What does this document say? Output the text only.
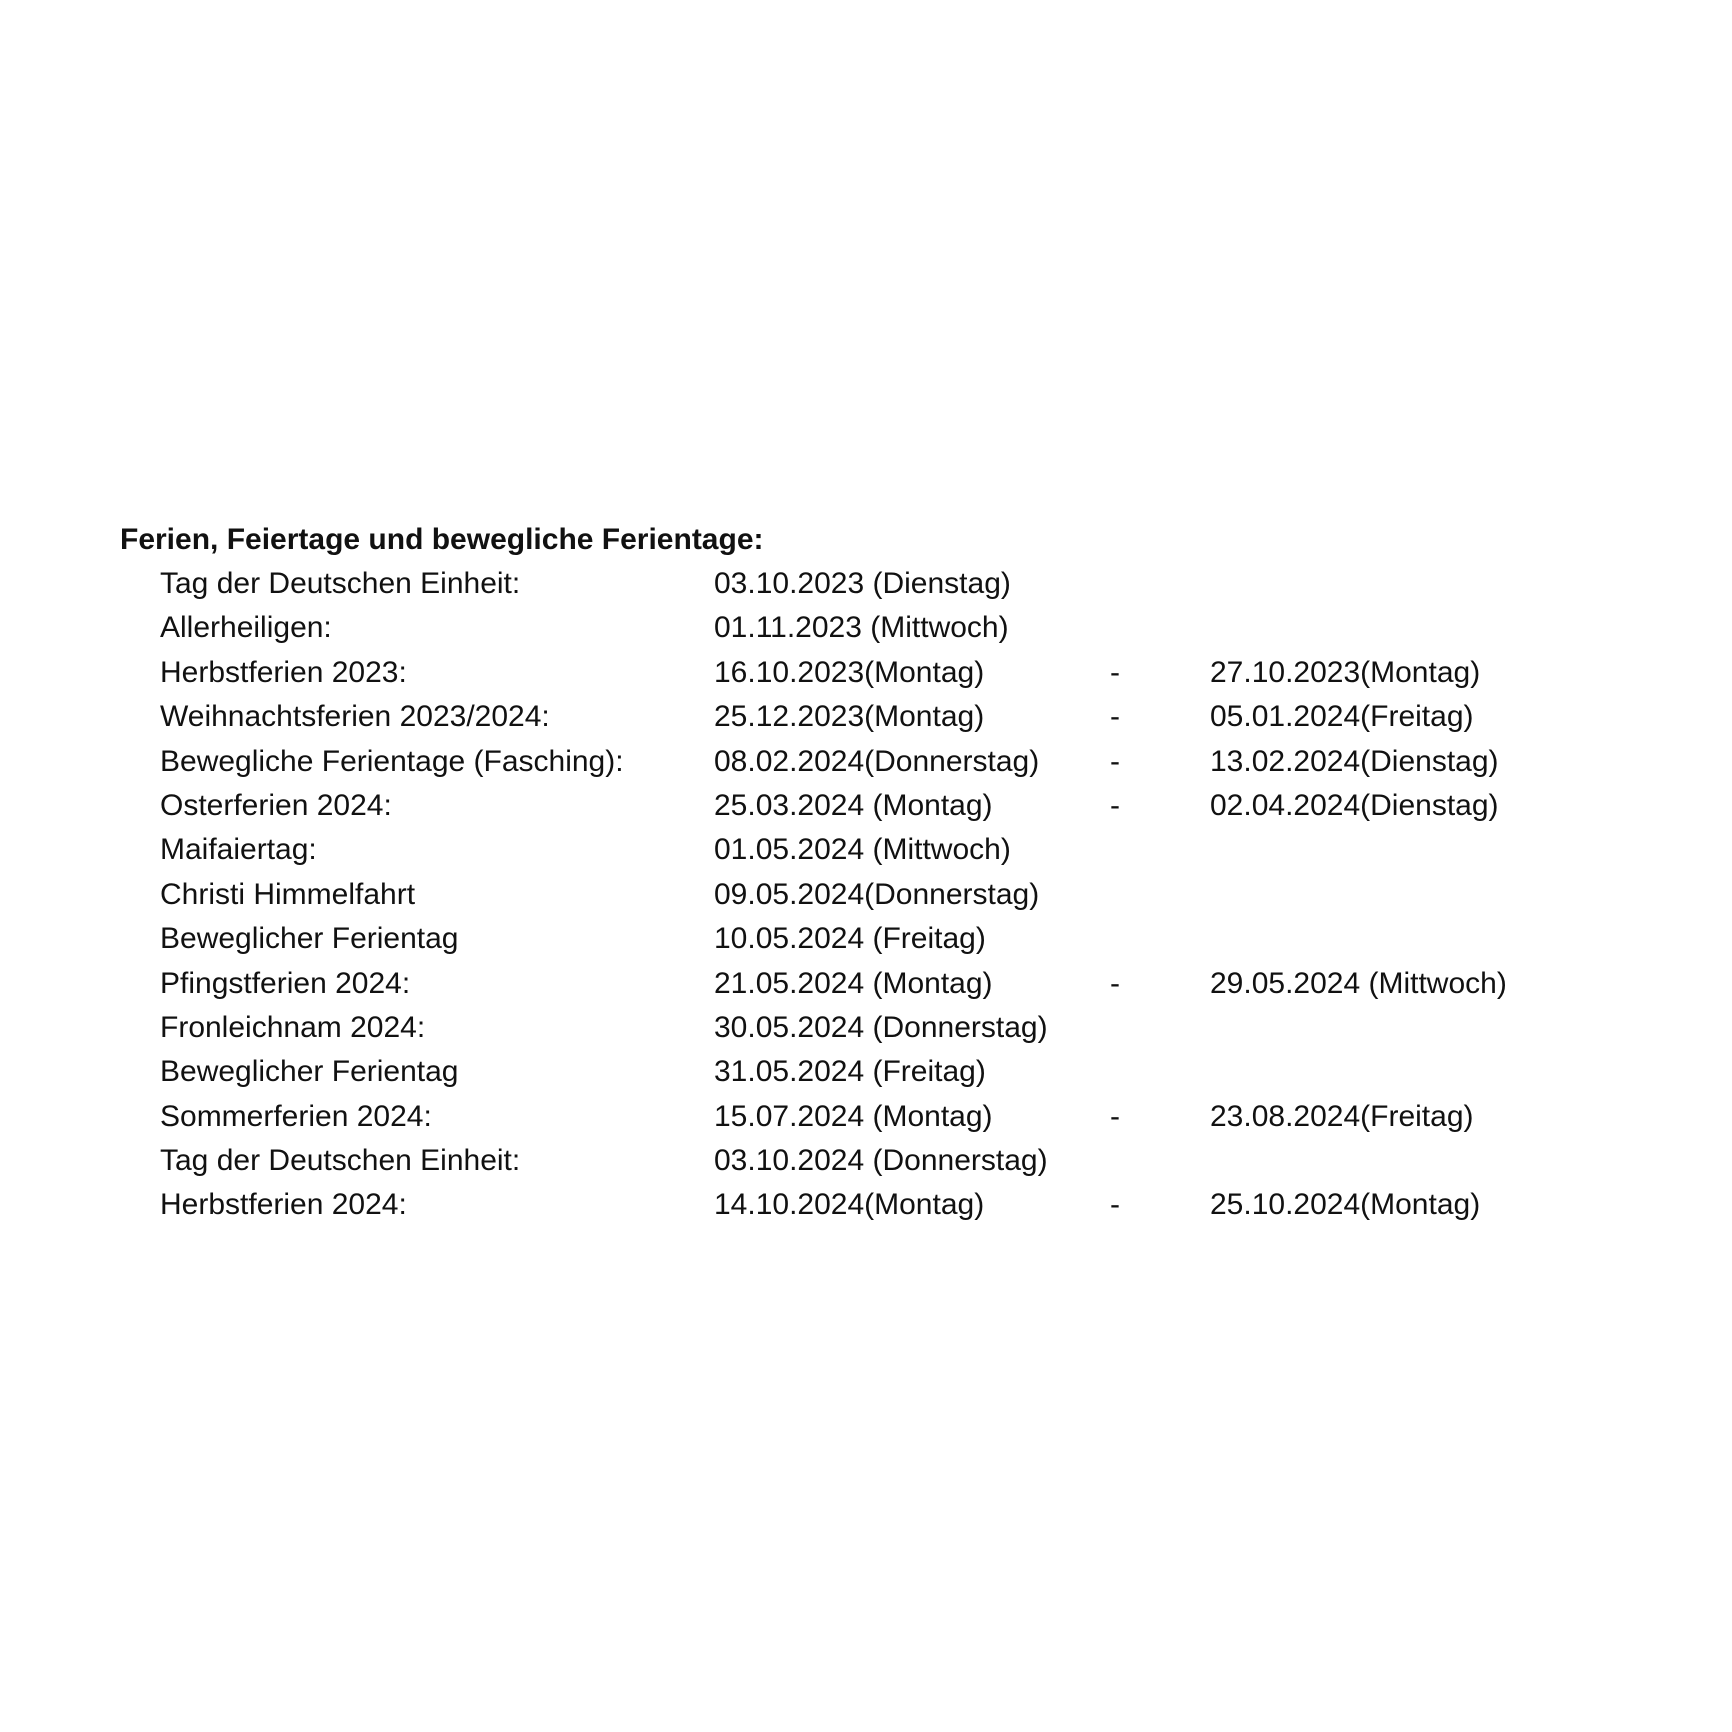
Ferien, Feiertage und bewegliche Ferientage:
Tag der Deutschen Einheit:	03.10.2023 (Dienstag)
Allerheiligen:	01.11.2023 (Mittwoch)
Herbstferien 2023:	16.10.2023(Montag)	-	27.10.2023(Montag)
Weihnachtsferien 2023/2024:	25.12.2023(Montag)	-	05.01.2024(Freitag)
Bewegliche Ferientage (Fasching):	08.02.2024(Donnerstag) -	13.02.2024(Dienstag)
Osterferien 2024:	25.03.2024 (Montag)	-	02.04.2024(Dienstag)
Maifaiertag:	01.05.2024 (Mittwoch)
Christi Himmelfahrt	09.05.2024(Donnerstag)
Beweglicher Ferientag	10.05.2024 (Freitag)
Pfingstferien 2024:	21.05.2024 (Montag)	-	29.05.2024 (Mittwoch)
Fronleichnam 2024:	30.05.2024 (Donnerstag)
Beweglicher Ferientag	31.05.2024 (Freitag)
Sommerferien 2024:	15.07.2024 (Montag)	-	23.08.2024(Freitag)
Tag der Deutschen Einheit:	03.10.2024 (Donnerstag)
Herbstferien 2024:	14.10.2024(Montag)	-	25.10.2024(Montag)
